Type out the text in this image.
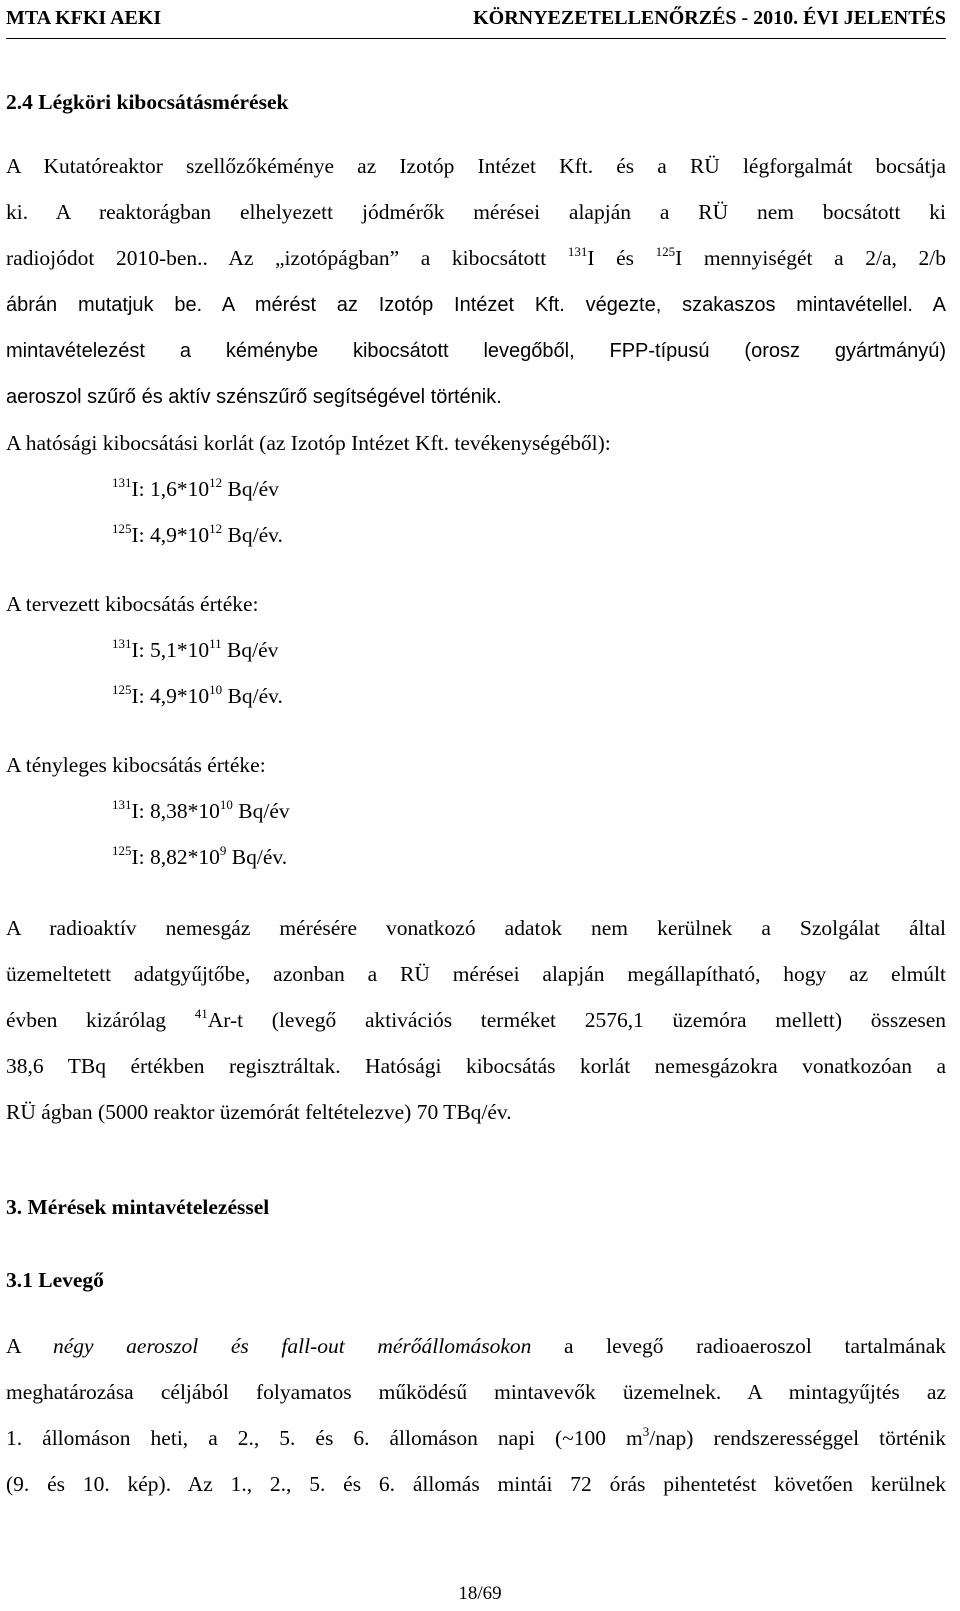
MTA KFKI AEKI	KÖRNYEZETELLENŐRZÉS - 2010. ÉVI JELENTÉS
2.4 Légköri kibocsátásmérések
A Kutatóreaktor szellőzőkéménye az Izotóp Intézet Kft. és a RÜ légforgalmát bocsátja
ki. A reaktorágban elhelyezett jódmérők mérései alapján a RÜ nem bocsátott ki
radiojódot 2010-ben.. Az „izotópágban” a kibocsátott $^{131}$I és $^{125}$I mennyiségét a 2/a, 2/b
ábrán mutatjuk be. A mérést az Izotóp Intézet Kft. végezte, szakaszos mintavétellel. A
mintavételezést a kéménybe kibocsátott levegőből, FPP-típusú (orosz gyártmányú)
aeroszol szűrő és aktív szénszűrő segítségével történik.
A hatósági kibocsátási korlát (az Izotóp Intézet Kft. tevékenységéből):
$^{131}$I: $1,6*10^{12}$ Bq/év
$^{125}$I: $4,9*10^{12}$ Bq/év.
A tervezett kibocsátás értéke:
$^{131}$I: $5,1*10^{11}$ Bq/év
$^{125}$I: $4,9*10^{10}$ Bq/év.
A tényleges kibocsátás értéke:
$^{131}$I: $8,38*10^{10}$ Bq/év
$^{125}$I: $8,82*10^9$ Bq/év.
A radioaktív nemesgáz mérésére vonatkozó adatok nem kerülnek a Szolgálat által
üzemeltetett adatgyűjtőbe, azonban a RÜ mérései alapján megállapítható, hogy az elmúlt
évben kizárólag $^{41}$Ar-t (levegő aktivációs terméket 2576,1 üzemóra mellett) összesen
38,6 TBq értékben regisztráltak. Hatósági kibocsátás korlát nemesgázokra vonatkozóan a
RÜ ágban (5000 reaktor üzemórát feltételezve) 70 TBq/év.
3. Mérések mintavételezéssel
3.1 Levegő
A négy aeroszol és fall-out mérőállomásokon a levegő radioaeroszol tartalmának
meghatározása céljából folyamatos működésű mintavevők üzemelnek. A mintagyűjtés az
1. állomáson heti, a 2., 5. és 6. állomáson napi (~100 $m^3/nap$) rendszerességgel történik
(9. és 10. kép). Az 1., 2., 5. és 6. állomás mintái 72 órás pihentetést követően kerülnek
18/69
